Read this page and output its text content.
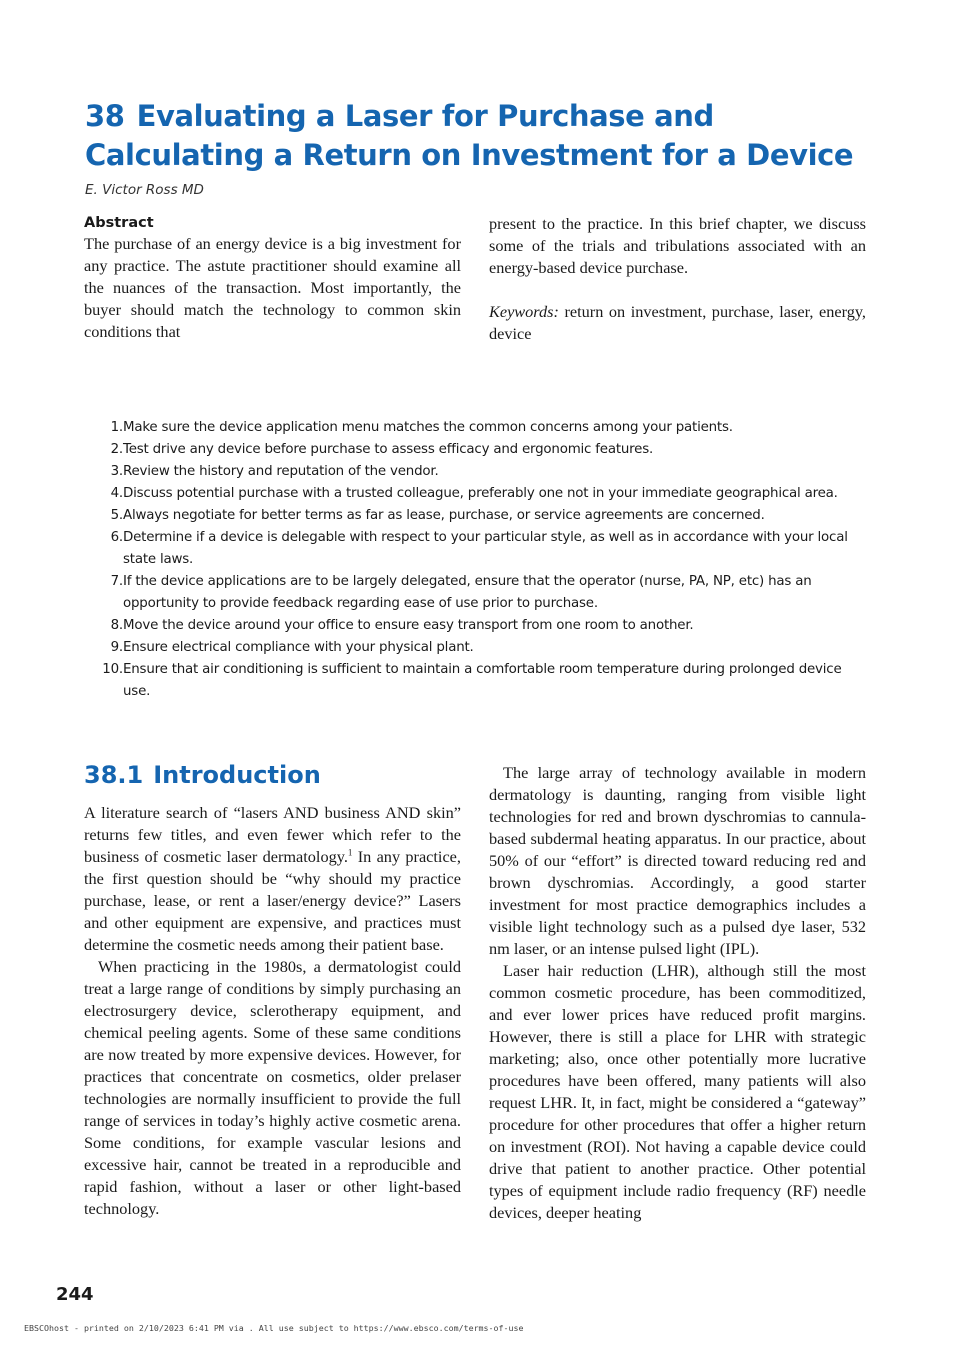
38 Evaluating a Laser for Purchase and Calculating a Return on Investment for a Device
E. Victor Ross MD

Abstract

The purchase of an energy device is a big investment for any practice. The astute practitioner should examine all the nuances of the transaction. Most importantly, the buyer should match the technology to common skin conditions that

present to the practice. In this brief chapter, we discuss some of the trials and tribulations associated with an energy-based device purchase.

Keywords: return on investment, purchase, laser, energy, device

1. Make sure the device application menu matches the common concerns among your patients.
2. Test drive any device before purchase to assess efficacy and ergonomic features.
3. Review the history and reputation of the vendor.
4. Discuss potential purchase with a trusted colleague, preferably one not in your immediate geographical area.
5. Always negotiate for better terms as far as lease, purchase, or service agreements are concerned.
6. Determine if a device is delegable with respect to your particular style, as well as in accordance with your local state laws.
7. If the device applications are to be largely delegated, ensure that the operator (nurse, PA, NP, etc) has an opportunity to provide feedback regarding ease of use prior to purchase.
8. Move the device around your office to ensure easy transport from one room to another.
9. Ensure electrical compliance with your physical plant.
10. Ensure that air conditioning is sufficient to maintain a comfortable room temperature during prolonged device use.
38.1 Introduction

A literature search of “lasers AND business AND skin” returns few titles, and even fewer which refer to the business of cosmetic laser dermatology.$^1$ In any practice, the first question should be “why should my practice purchase, lease, or rent a laser/energy device?” Lasers and other equipment are expensive, and practices must determine the cosmetic needs among their patient base.

When practicing in the 1980s, a dermatologist could treat a large range of conditions by simply purchasing an electrosurgery device, sclerotherapy equipment, and chemical peeling agents. Some of these same conditions are now treated by more expensive devices. However, for practices that concentrate on cosmetics, older prelaser technologies are normally insufficient to provide the full range of services in today’s highly active cosmetic arena. Some conditions, for example vascular lesions and excessive hair, cannot be treated in a reproducible and rapid fashion, without a laser or other light-based technology.

The large array of technology available in modern dermatology is daunting, ranging from visible light technologies for red and brown dyschromias to cannula-based subdermal heating apparatus. In our practice, about 50% of our “effort” is directed toward reducing red and brown dyschromias. Accordingly, a good starter investment for most practice demographics includes a visible light technology such as a pulsed dye laser, 532 nm laser, or an intense pulsed light (IPL).

Laser hair reduction (LHR), although still the most common cosmetic procedure, has been commoditized, and ever lower prices have reduced profit margins. However, there is still a place for LHR with strategic marketing; also, once other potentially more lucrative procedures have been offered, many patients will also request LHR. It, in fact, might be considered a “gateway” procedure for other procedures that offer a higher return on investment (ROI). Not having a capable device could drive that patient to another practice. Other potential types of equipment include radio frequency (RF) needle devices, deeper heating

244
EBSCOhost - printed on 2/10/2023 6:41 PM via . All use subject to https://www.ebsco.com/terms-of-use
